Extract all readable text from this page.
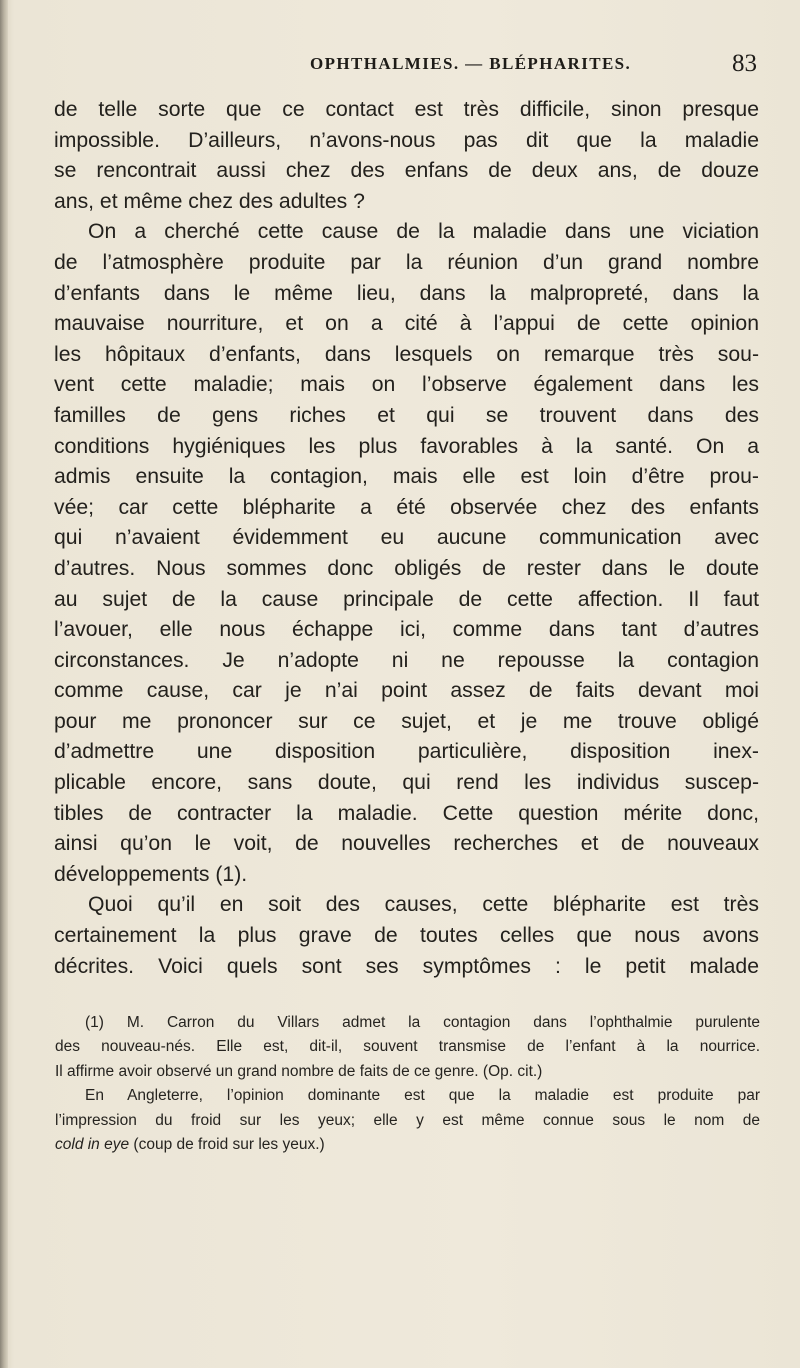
OPHTHALMIES. — BLÉPHARITES.	83
de telle sorte que ce contact est très difficile, sinon presque
impossible. D’ailleurs, n’avons-nous pas dit que la maladie
se rencontrait aussi chez des enfans de deux ans, de douze
ans, et même chez des adultes ?
On a cherché cette cause de la maladie dans une viciation
de l’atmosphère produite par la réunion d’un grand nombre
d’enfants dans le même lieu, dans la malpropreté, dans la
mauvaise nourriture, et on a cité à l’appui de cette opinion
les hôpitaux d’enfants, dans lesquels on remarque très sou-
vent cette maladie; mais on l’observe également dans les
familles de gens riches et qui se trouvent dans des
conditions hygiéniques les plus favorables à la santé. On a
admis ensuite la contagion, mais elle est loin d’être prou-
vée; car cette blépharite a été observée chez des enfants
qui n’avaient évidemment eu aucune communication avec
d’autres. Nous sommes donc obligés de rester dans le doute
au sujet de la cause principale de cette affection. Il faut
l’avouer, elle nous échappe ici, comme dans tant d’autres
circonstances. Je n’adopte ni ne repousse la contagion
comme cause, car je n’ai point assez de faits devant moi
pour me prononcer sur ce sujet, et je me trouve obligé
d’admettre une disposition particulière, disposition inex-
plicable encore, sans doute, qui rend les individus suscep-
tibles de contracter la maladie. Cette question mérite donc,
ainsi qu’on le voit, de nouvelles recherches et de nouveaux
développements (1).
Quoi qu’il en soit des causes, cette blépharite est très
certainement la plus grave de toutes celles que nous avons
décrites. Voici quels sont ses symptômes : le petit malade
(1) M. Carron du Villars admet la contagion dans l’ophthalmie purulente
des nouveau-nés. Elle est, dit-il, souvent transmise de l’enfant à la nourrice.
Il affirme avoir observé un grand nombre de faits de ce genre. (Op. cit.)
En Angleterre, l’opinion dominante est que la maladie est produite par
l’impression du froid sur les yeux; elle y est même connue sous le nom de
cold in eye (coup de froid sur les yeux.)
